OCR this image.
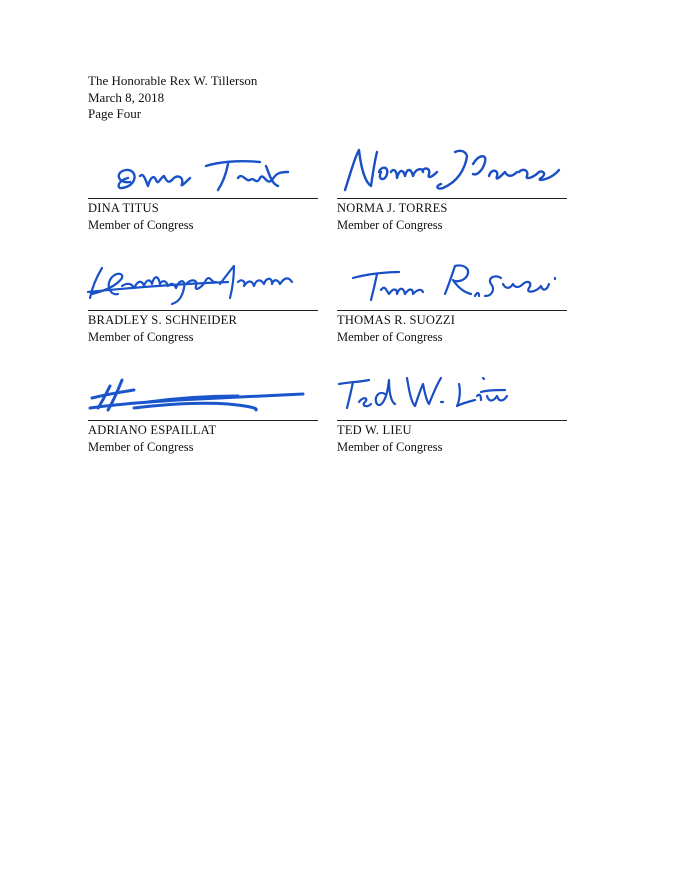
The Honorable Rex W. Tillerson
March 8, 2018
Page Four
DINA TITUS
Member of Congress
NORMA J. TORRES
Member of Congress
BRADLEY S. SCHNEIDER
Member of Congress
THOMAS R. SUOZZI
Member of Congress
ADRIANO ESPAILLAT
Member of Congress
TED W. LIEU
Member of Congress
